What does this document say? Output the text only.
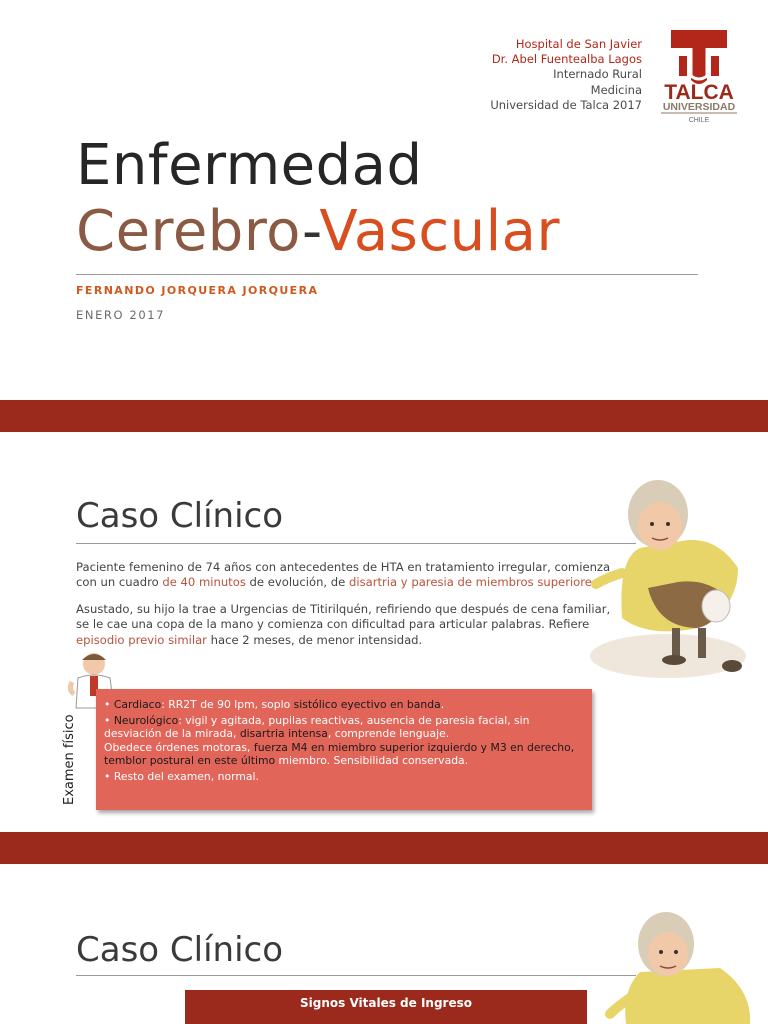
Hospital de San Javier
Dr. Abel Fuentealba Lagos
Internado Rural
Medicina
Universidad de Talca 2017
TALCA
UNIVERSIDAD
CHILE
Enfermedad
Cerebro-Vascular
FERNANDO JORQUERA JORQUERA
ENERO 2017
Caso Clínico
Paciente femenino de 74 años con antecedentes de HTA en tratamiento irregular, comienza con un cuadro de 40 minutos de evolución, de disartria y paresia de miembros superiores.
Asustado, su hijo la trae a Urgencias de Titirilquén, refiriendo que después de cena familiar, se le cae una copa de la mano y comienza con dificultad para articular palabras. Refiere episodio previo similar hace 2 meses, de menor intensidad.
Examen físico
• Cardiaco: RR2T de 90 lpm, soplo sistólico eyectivo en banda.
• Neurológico: vigil y agitada, pupilas reactivas, ausencia de paresia facial, sin desviación de la mirada, disartria intensa, comprende lenguaje.
Obedece órdenes motoras, fuerza M4 en miembro superior izquierdo y M3 en derecho, temblor postural en este último miembro. Sensibilidad conservada.
• Resto del examen, normal.
Caso Clínico
Signos Vitales de Ingreso
